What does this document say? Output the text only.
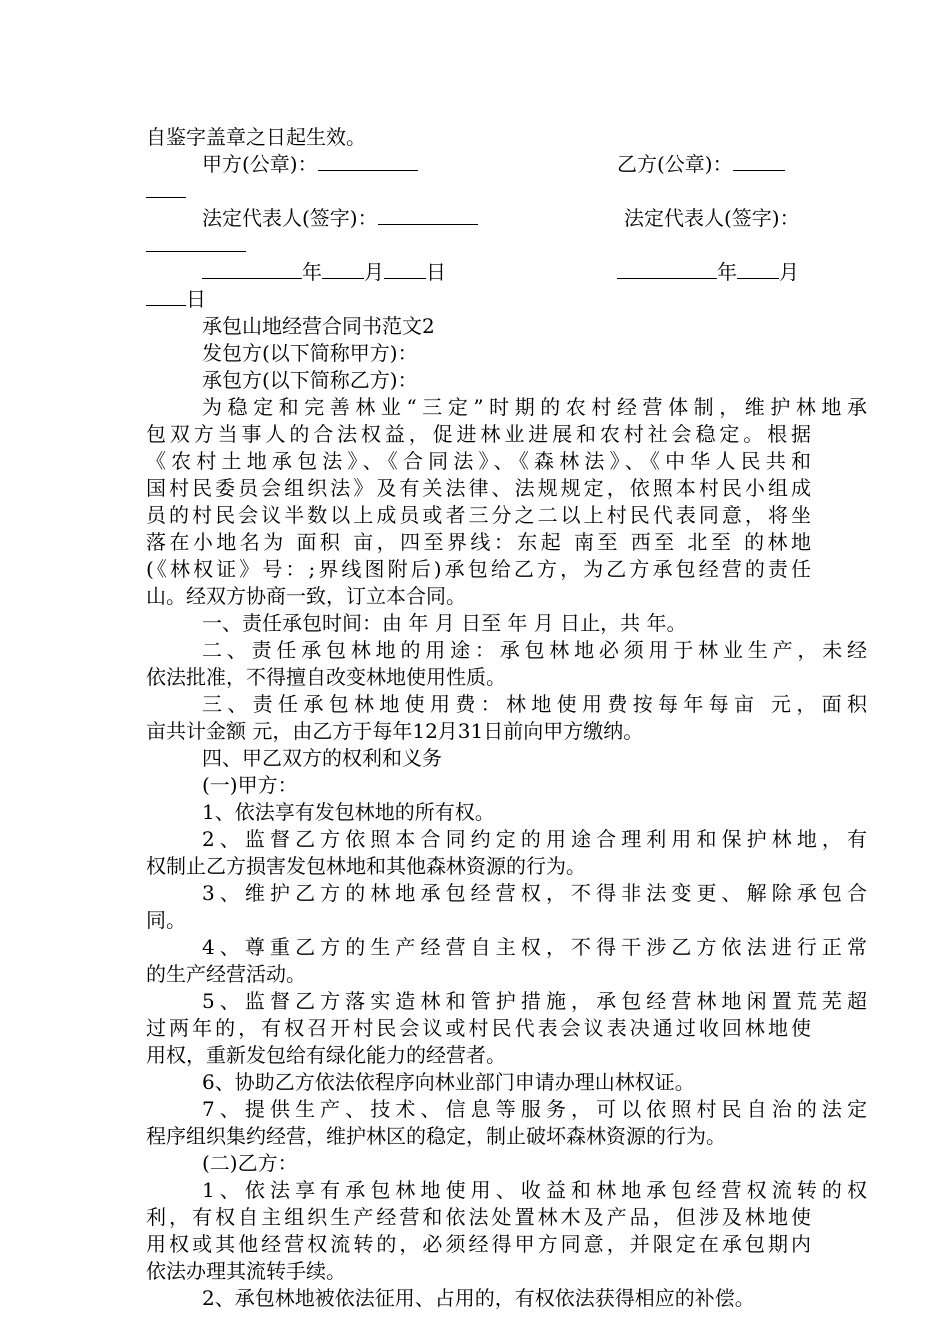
自鉴字盖章之日起生效。
甲方(公章)：	乙方(公章)：
法定代表人(签字)：	法定代表人(签字)：
年 月 日	年 月
日
承包山地经营合同书范文2
发包方(以下简称甲方)：
承包方(以下简称乙方)：
为稳定和完善林业“三定”时期的农村经营体制，维护林地承
包双方当事人的合法权益，促进林业进展和农村社会稳定。根据
《农村土地承包法》、《合同法》、《森林法》、《中华人民共和
国村民委员会组织法》及有关法律、法规规定，依照本村民小组成
员的村民会议半数以上成员或者三分之二以上村民代表同意，将坐
落在小地名为 面积 亩，四至界线：东起 南至 西至 北至 的林地
(《林权证》号：;界线图附后)承包给乙方，为乙方承包经营的责任
山。经双方协商一致，订立本合同。
一、责任承包时间：由 年 月 日至 年 月 日止，共 年。
二、责任承包林地的用途：承包林地必须用于林业生产，未经
依法批准，不得擅自改变林地使用性质。
三、责任承包林地使用费：林地使用费按每年每亩 元，面积
亩共计金额 元，由乙方于每年12月31日前向甲方缴纳。
四、甲乙双方的权利和义务
(一)甲方：
1、依法享有发包林地的所有权。
2、监督乙方依照本合同约定的用途合理利用和保护林地，有
权制止乙方损害发包林地和其他森林资源的行为。
3、维护乙方的林地承包经营权，不得非法变更、解除承包合
同。
4、尊重乙方的生产经营自主权，不得干涉乙方依法进行正常
的生产经营活动。
5、监督乙方落实造林和管护措施，承包经营林地闲置荒芜超
过两年的，有权召开村民会议或村民代表会议表决通过收回林地使
用权，重新发包给有绿化能力的经营者。
6、协助乙方依法依程序向林业部门申请办理山林权证。
7、提供生产、技术、信息等服务，可以依照村民自治的法定
程序组织集约经营，维护林区的稳定，制止破坏森林资源的行为。
(二)乙方：
1、依法享有承包林地使用、收益和林地承包经营权流转的权
利，有权自主组织生产经营和依法处置林木及产品，但涉及林地使
用权或其他经营权流转的，必须经得甲方同意，并限定在承包期内
依法办理其流转手续。
2、承包林地被依法征用、占用的，有权依法获得相应的补偿。
